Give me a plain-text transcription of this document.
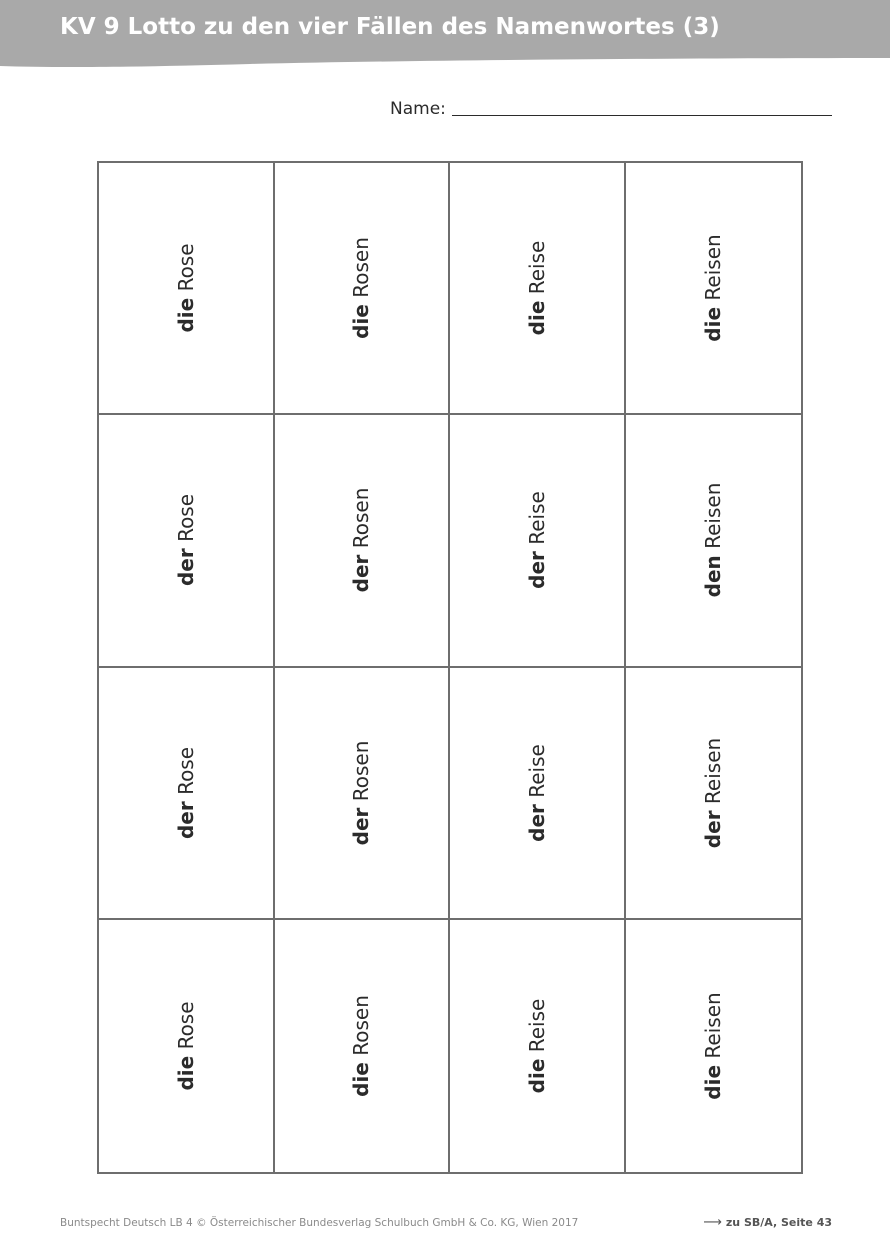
KV 9 Lotto zu den vier Fällen des Namenwortes (3)
Name:
die Rose
die Rosen
die Reise
die Reisen
der Rose
der Rosen
der Reise
den Reisen
der Rose
der Rosen
der Reise
der Reisen
die Rose
die Rosen
die Reise
die Reisen
Buntspecht Deutsch LB 4 © Österreichischer Bundesverlag Schulbuch GmbH & Co. KG, Wien 2017	⟶ zu SB/A, Seite 43
